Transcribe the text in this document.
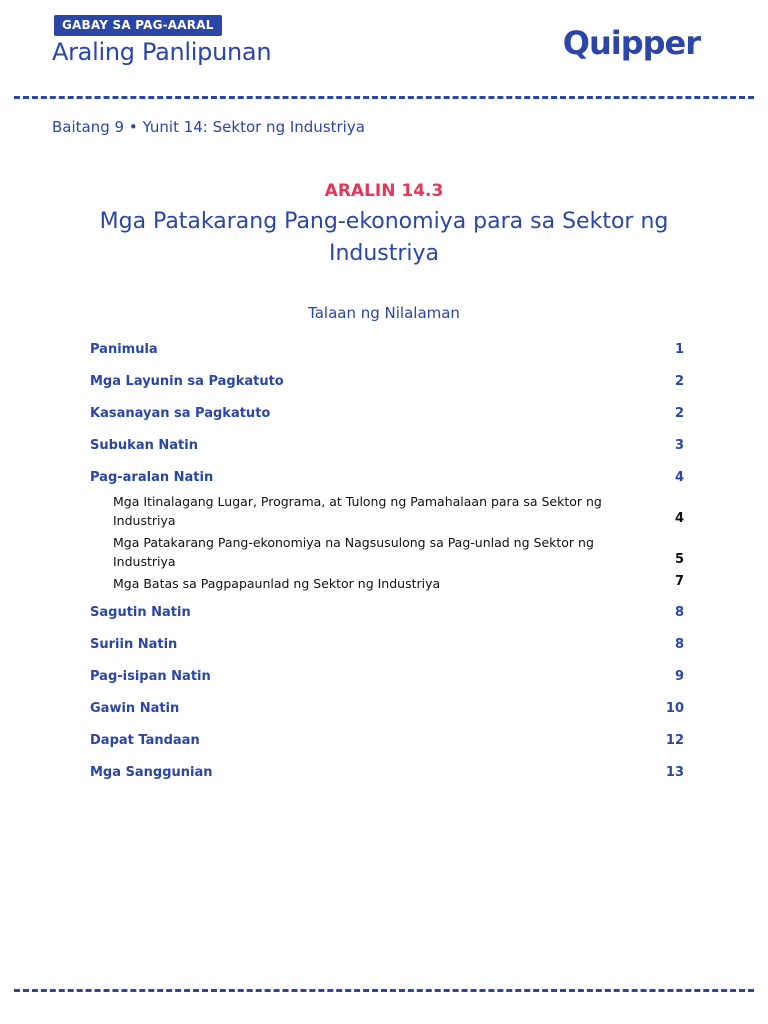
GABAY SA PAG-AARAL
Araling Panlipunan	Quipper
Baitang 9 • Yunit 14: Sektor ng Industriya
ARALIN 14.3
Mga Patakarang Pang-ekonomiya para sa Sektor ng Industriya
Talaan ng Nilalaman
Panimula	1
Mga Layunin sa Pagkatuto	2
Kasanayan sa Pagkatuto	2
Subukan Natin	3
Pag-aralan Natin	4
Mga Itinalagang Lugar, Programa, at Tulong ng Pamahalaan para sa Sektor ng Industriya	4
Mga Patakarang Pang-ekonomiya na Nagsusulong sa Pag-unlad ng Sektor ng Industriya	5
Mga Batas sa Pagpapaunlad ng Sektor ng Industriya	7
Sagutin Natin	8
Suriin Natin	8
Pag-isipan Natin	9
Gawin Natin	10
Dapat Tandaan	12
Mga Sanggunian	13
